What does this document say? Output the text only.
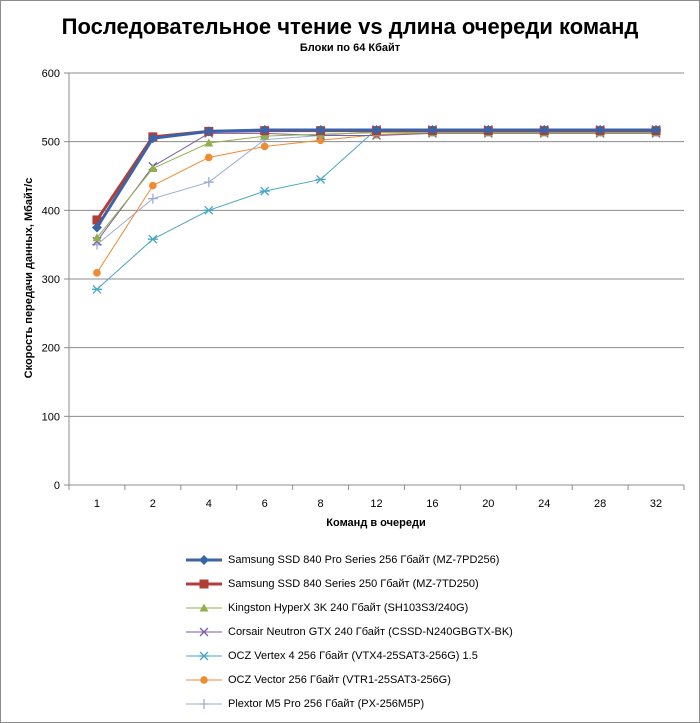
Последовательное чтение vs длина очереди команд
Блоки по 64 Кбайт
0
100
200
300
400
500
600
1	2	4	6	8	12	16	20	24	28	32
Скорость передачи данных, Мбайт/с
Команд в очереди
Samsung SSD 840 Pro Series 256 Гбайт (MZ-7PD256)
Samsung SSD 840 Series 250 Гбайт (MZ-7TD250)
Kingston HyperX 3K 240 Гбайт (SH103S3/240G)
Corsair Neutron GTX 240 Гбайт (CSSD-N240GBGTX-BK)
OCZ Vertex 4 256 Гбайт (VTX4-25SAT3-256G) 1.5
OCZ Vector 256 Гбайт (VTR1-25SAT3-256G)
Plextor M5 Pro 256 Гбайт (PX-256M5P)
